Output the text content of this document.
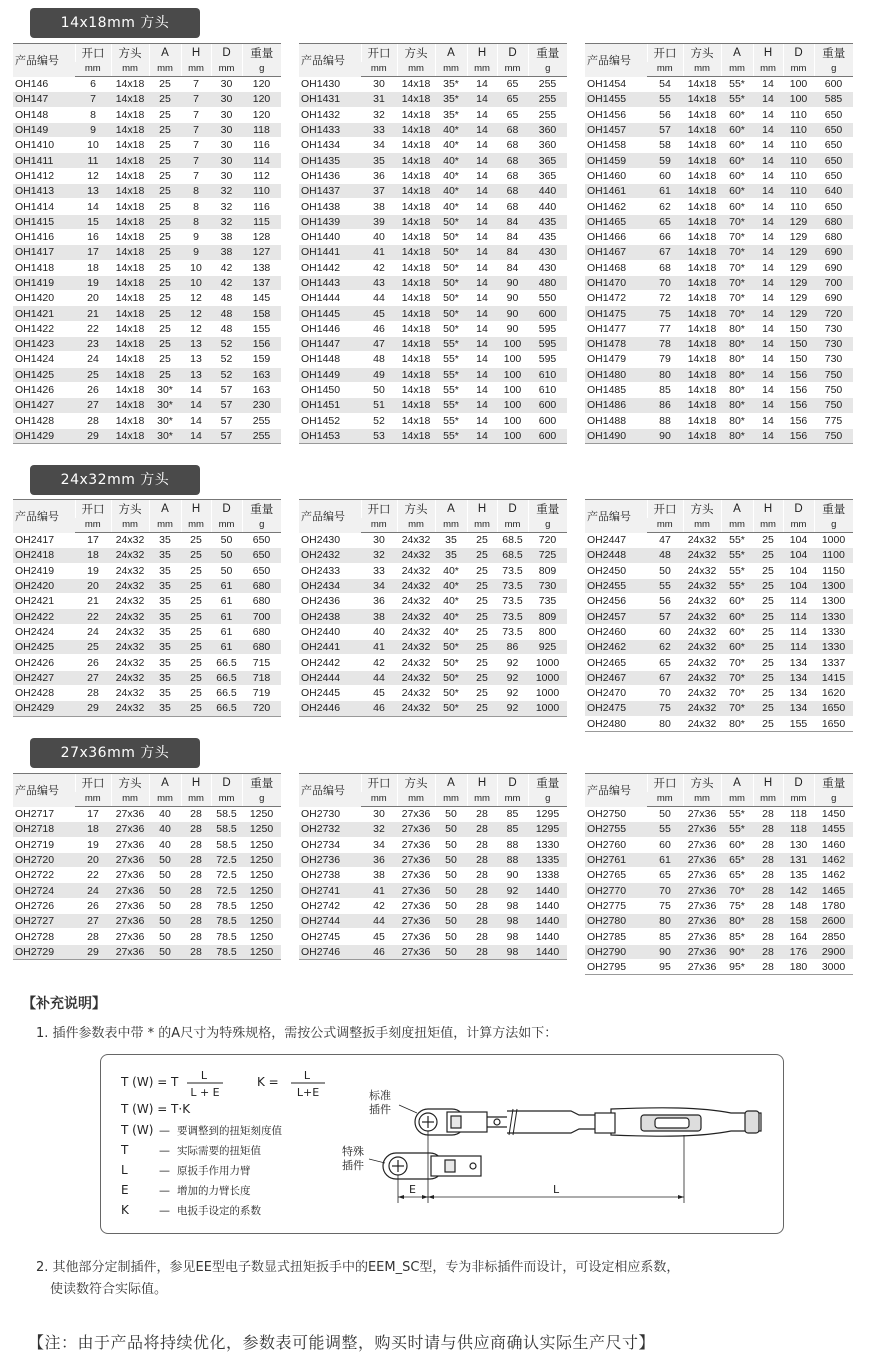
14x18mm 方头
产品编号	开口	方头	A	H	D	重量
	mm	mm	mm	mm	mm	g
OH146	6	14x18	25	7	30	120
OH147	7	14x18	25	7	30	120
OH148	8	14x18	25	7	30	120
OH149	9	14x18	25	7	30	118
OH1410	10	14x18	25	7	30	116
OH1411	11	14x18	25	7	30	114
OH1412	12	14x18	25	7	30	112
OH1413	13	14x18	25	8	32	110
OH1414	14	14x18	25	8	32	116
OH1415	15	14x18	25	8	32	115
OH1416	16	14x18	25	9	38	128
OH1417	17	14x18	25	9	38	127
OH1418	18	14x18	25	10	42	138
OH1419	19	14x18	25	10	42	137
OH1420	20	14x18	25	12	48	145
OH1421	21	14x18	25	12	48	158
OH1422	22	14x18	25	12	48	155
OH1423	23	14x18	25	13	52	156
OH1424	24	14x18	25	13	52	159
OH1425	25	14x18	25	13	52	163
OH1426	26	14x18	30*	14	57	163
OH1427	27	14x18	30*	14	57	230
OH1428	28	14x18	30*	14	57	255
OH1429	29	14x18	30*	14	57	255
产品编号	开口	方头	A	H	D	重量
	mm	mm	mm	mm	mm	g
OH1430	30	14x18	35*	14	65	255
OH1431	31	14x18	35*	14	65	255
OH1432	32	14x18	35*	14	65	255
OH1433	33	14x18	40*	14	68	360
OH1434	34	14x18	40*	14	68	360
OH1435	35	14x18	40*	14	68	365
OH1436	36	14x18	40*	14	68	365
OH1437	37	14x18	40*	14	68	440
OH1438	38	14x18	40*	14	68	440
OH1439	39	14x18	50*	14	84	435
OH1440	40	14x18	50*	14	84	435
OH1441	41	14x18	50*	14	84	430
OH1442	42	14x18	50*	14	84	430
OH1443	43	14x18	50*	14	90	480
OH1444	44	14x18	50*	14	90	550
OH1445	45	14x18	50*	14	90	600
OH1446	46	14x18	50*	14	90	595
OH1447	47	14x18	55*	14	100	595
OH1448	48	14x18	55*	14	100	595
OH1449	49	14x18	55*	14	100	610
OH1450	50	14x18	55*	14	100	610
OH1451	51	14x18	55*	14	100	600
OH1452	52	14x18	55*	14	100	600
OH1453	53	14x18	55*	14	100	600
产品编号	开口	方头	A	H	D	重量
	mm	mm	mm	mm	mm	g
OH1454	54	14x18	55*	14	100	600
OH1455	55	14x18	55*	14	100	585
OH1456	56	14x18	60*	14	110	650
OH1457	57	14x18	60*	14	110	650
OH1458	58	14x18	60*	14	110	650
OH1459	59	14x18	60*	14	110	650
OH1460	60	14x18	60*	14	110	650
OH1461	61	14x18	60*	14	110	640
OH1462	62	14x18	60*	14	110	650
OH1465	65	14x18	70*	14	129	680
OH1466	66	14x18	70*	14	129	680
OH1467	67	14x18	70*	14	129	690
OH1468	68	14x18	70*	14	129	690
OH1470	70	14x18	70*	14	129	700
OH1472	72	14x18	70*	14	129	690
OH1475	75	14x18	70*	14	129	720
OH1477	77	14x18	80*	14	150	730
OH1478	78	14x18	80*	14	150	730
OH1479	79	14x18	80*	14	150	730
OH1480	80	14x18	80*	14	156	750
OH1485	85	14x18	80*	14	156	750
OH1486	86	14x18	80*	14	156	750
OH1488	88	14x18	80*	14	156	775
OH1490	90	14x18	80*	14	156	750
24x32mm 方头
产品编号	开口	方头	A	H	D	重量
	mm	mm	mm	mm	mm	g
OH2417	17	24x32	35	25	50	650
OH2418	18	24x32	35	25	50	650
OH2419	19	24x32	35	25	50	650
OH2420	20	24x32	35	25	61	680
OH2421	21	24x32	35	25	61	680
OH2422	22	24x32	35	25	61	700
OH2424	24	24x32	35	25	61	680
OH2425	25	24x32	35	25	61	680
OH2426	26	24x32	35	25	66.5	715
OH2427	27	24x32	35	25	66.5	718
OH2428	28	24x32	35	25	66.5	719
OH2429	29	24x32	35	25	66.5	720
产品编号	开口	方头	A	H	D	重量
	mm	mm	mm	mm	mm	g
OH2430	30	24x32	35	25	68.5	720
OH2432	32	24x32	35	25	68.5	725
OH2433	33	24x32	40*	25	73.5	809
OH2434	34	24x32	40*	25	73.5	730
OH2436	36	24x32	40*	25	73.5	735
OH2438	38	24x32	40*	25	73.5	809
OH2440	40	24x32	40*	25	73.5	800
OH2441	41	24x32	50*	25	86	925
OH2442	42	24x32	50*	25	92	1000
OH2444	44	24x32	50*	25	92	1000
OH2445	45	24x32	50*	25	92	1000
OH2446	46	24x32	50*	25	92	1000
产品编号	开口	方头	A	H	D	重量
	mm	mm	mm	mm	mm	g
OH2447	47	24x32	55*	25	104	1000
OH2448	48	24x32	55*	25	104	1100
OH2450	50	24x32	55*	25	104	1150
OH2455	55	24x32	55*	25	104	1300
OH2456	56	24x32	60*	25	114	1300
OH2457	57	24x32	60*	25	114	1330
OH2460	60	24x32	60*	25	114	1330
OH2462	62	24x32	60*	25	114	1330
OH2465	65	24x32	70*	25	134	1337
OH2467	67	24x32	70*	25	134	1415
OH2470	70	24x32	70*	25	134	1620
OH2475	75	24x32	70*	25	134	1650
OH2480	80	24x32	80*	25	155	1650
27x36mm 方头
产品编号	开口	方头	A	H	D	重量
	mm	mm	mm	mm	mm	g
OH2717	17	27x36	40	28	58.5	1250
OH2718	18	27x36	40	28	58.5	1250
OH2719	19	27x36	40	28	58.5	1250
OH2720	20	27x36	50	28	72.5	1250
OH2722	22	27x36	50	28	72.5	1250
OH2724	24	27x36	50	28	72.5	1250
OH2726	26	27x36	50	28	78.5	1250
OH2727	27	27x36	50	28	78.5	1250
OH2728	28	27x36	50	28	78.5	1250
OH2729	29	27x36	50	28	78.5	1250
产品编号	开口	方头	A	H	D	重量
	mm	mm	mm	mm	mm	g
OH2730	30	27x36	50	28	85	1295
OH2732	32	27x36	50	28	85	1295
OH2734	34	27x36	50	28	88	1330
OH2736	36	27x36	50	28	88	1335
OH2738	38	27x36	50	28	90	1338
OH2741	41	27x36	50	28	92	1440
OH2742	42	27x36	50	28	98	1440
OH2744	44	27x36	50	28	98	1440
OH2745	45	27x36	50	28	98	1440
OH2746	46	27x36	50	28	98	1440
产品编号	开口	方头	A	H	D	重量
	mm	mm	mm	mm	mm	g
OH2750	50	27x36	55*	28	118	1450
OH2755	55	27x36	55*	28	118	1455
OH2760	60	27x36	60*	28	130	1460
OH2761	61	27x36	65*	28	131	1462
OH2765	65	27x36	65*	28	135	1462
OH2770	70	27x36	70*	28	142	1465
OH2775	75	27x36	75*	28	148	1780
OH2780	80	27x36	80*	28	158	2600
OH2785	85	27x36	85*	28	164	2850
OH2790	90	27x36	90*	28	176	2900
OH2795	95	27x36	95*	28	180	3000
【补充说明】
1. 插件参数表中带 * 的A尺寸为特殊规格，需按公式调整扳手刻度扭矩值，计算方法如下：
T (W) = T L
L + E
K = L
L+E
T (W) = T·K
T (W) — 要调整到的扭矩刻度值
T	— 实际需要的扭矩值
L	— 原扳手作用力臂
E	— 增加的力臂长度
K	— 电扳手设定的系数
标准
插件
特殊
插件
E	L
2. 其他部分定制插件，参见EE型电子数显式扭矩扳手中的EEM_SC型，专为非标插件而设计，可设定相应系数，
使读数符合实际值。
【注：由于产品将持续优化，参数表可能调整，购买时请与供应商确认实际生产尺寸】
